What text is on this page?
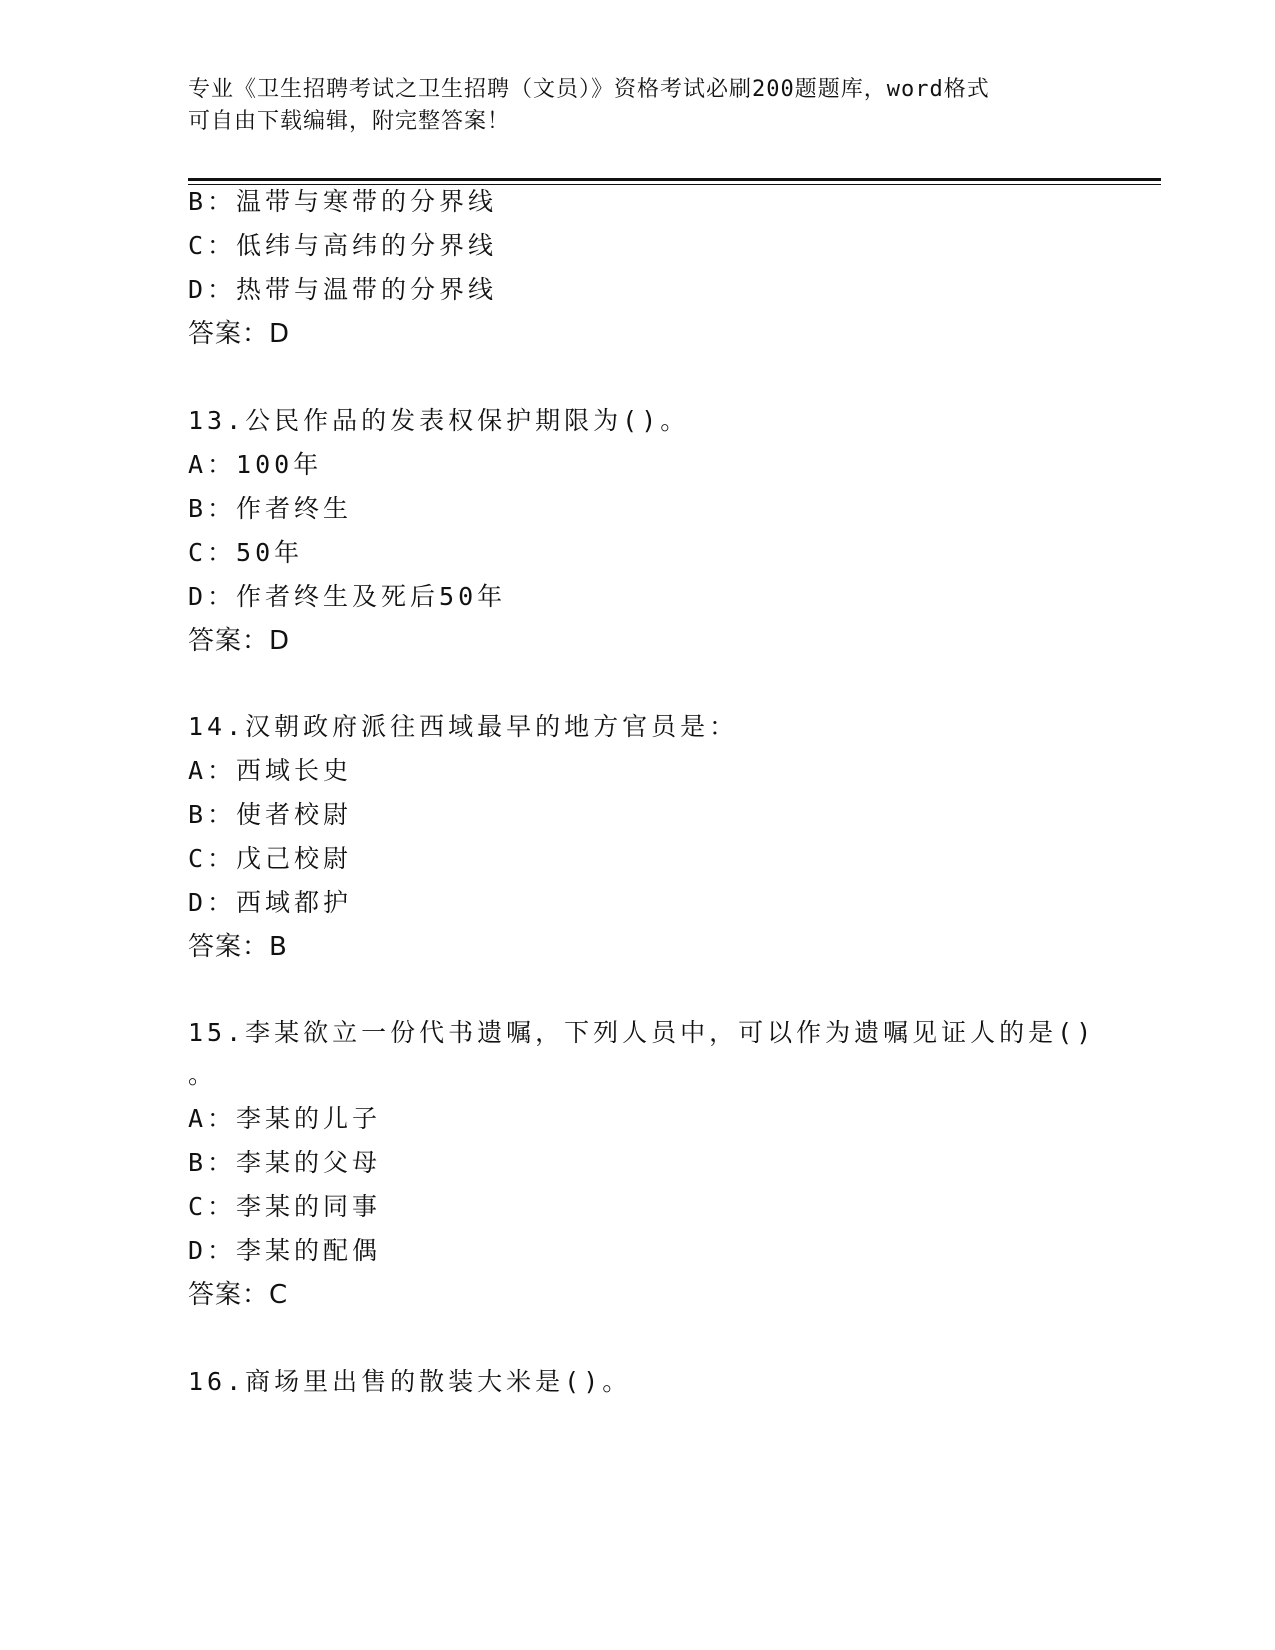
专业《卫生招聘考试之卫生招聘（文员）》资格考试必刷200题题库，word格式
可自由下载编辑，附完整答案！
B：温带与寒带的分界线
C：低纬与高纬的分界线
D：热带与温带的分界线
答案：D
13.公民作品的发表权保护期限为()。
A：100年
B：作者终生
C：50年
D：作者终生及死后50年
答案：D
14.汉朝政府派往西域最早的地方官员是：
A：西域长史
B：使者校尉
C：戊己校尉
D：西域都护
答案：B
15.李某欲立一份代书遗嘱，下列人员中，可以作为遗嘱见证人的是()
。
A：李某的儿子
B：李某的父母
C：李某的同事
D：李某的配偶
答案：C
16.商场里出售的散装大米是()。
